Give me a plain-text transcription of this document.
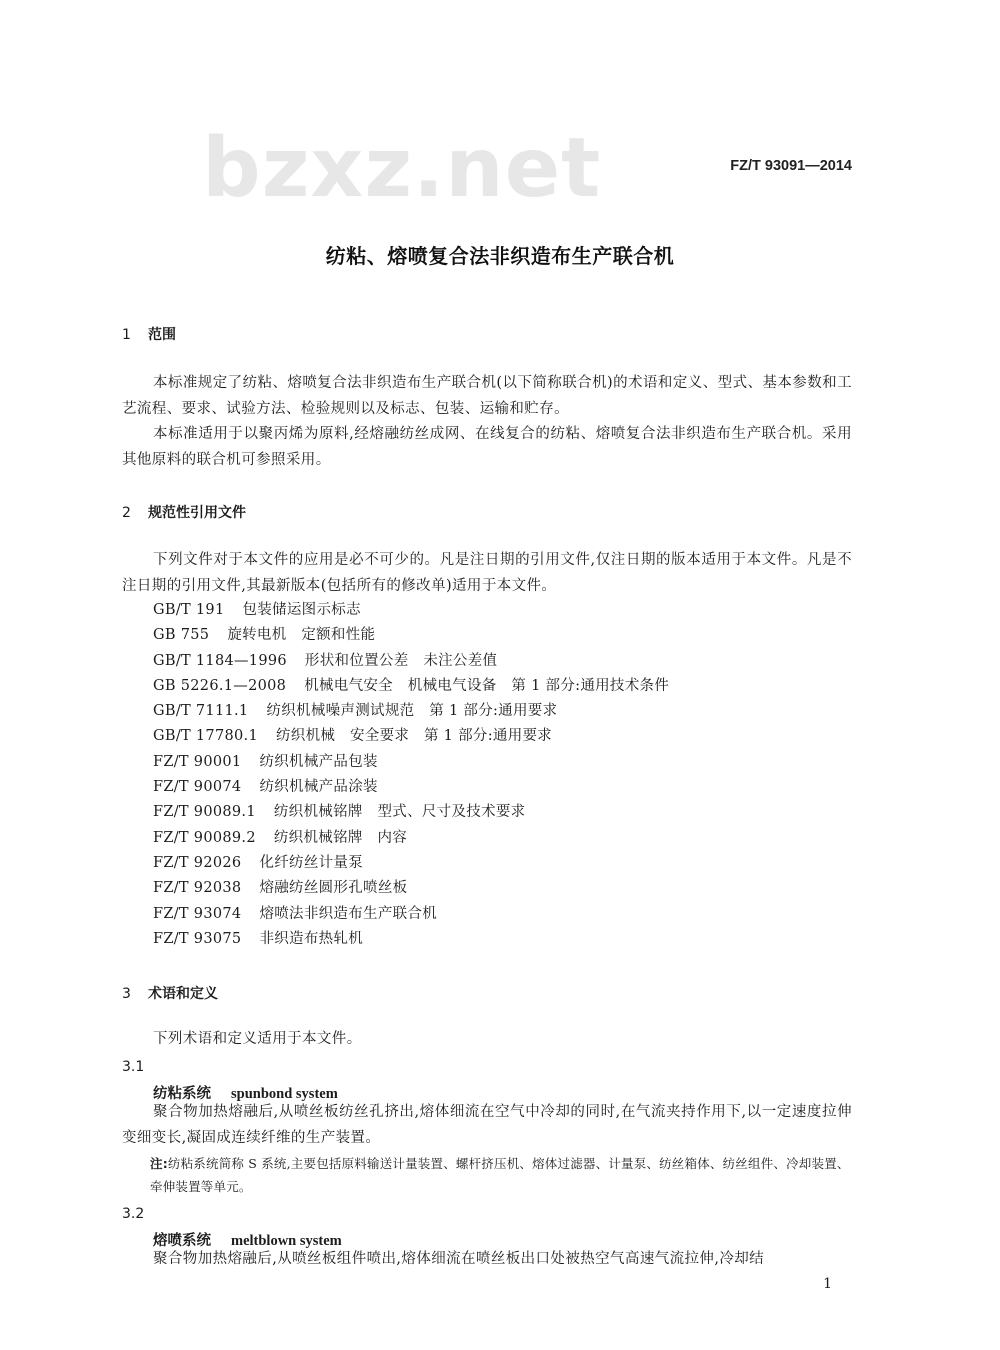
bzxz.net	FZ/T 93091—2014
纺粘、熔喷复合法非织造布生产联合机
1 范围
本标准规定了纺粘、熔喷复合法非织造布生产联合机(以下简称联合机)的术语和定义、型式、基本参数和工艺流程、要求、试验方法、检验规则以及标志、包装、运输和贮存。
本标准适用于以聚丙烯为原料,经熔融纺丝成网、在线复合的纺粘、熔喷复合法非织造布生产联合机。采用其他原料的联合机可参照采用。
2 规范性引用文件
下列文件对于本文件的应用是必不可少的。凡是注日期的引用文件,仅注日期的版本适用于本文件。凡是不注日期的引用文件,其最新版本(包括所有的修改单)适用于本文件。
GB/T 191 包装储运图示标志
GB 755 旋转电机　定额和性能
GB/T 1184—1996 形状和位置公差　未注公差值
GB 5226.1—2008 机械电气安全　机械电气设备　第 1 部分:通用技术条件
GB/T 7111.1 纺织机械噪声测试规范　第 1 部分:通用要求
GB/T 17780.1 纺织机械　安全要求　第 1 部分:通用要求
FZ/T 90001 纺织机械产品包装
FZ/T 90074 纺织机械产品涂装
FZ/T 90089.1 纺织机械铭牌　型式、尺寸及技术要求
FZ/T 90089.2 纺织机械铭牌　内容
FZ/T 92026 化纤纺丝计量泵
FZ/T 92038 熔融纺丝圆形孔喷丝板
FZ/T 93074 熔喷法非织造布生产联合机
FZ/T 93075 非织造布热轧机
3 术语和定义
下列术语和定义适用于本文件。
3.1
纺粘系统 spunbond system
聚合物加热熔融后,从喷丝板纺丝孔挤出,熔体细流在空气中冷却的同时,在气流夹持作用下,以一定速度拉伸变细变长,凝固成连续纤维的生产装置。
注:纺粘系统简称 S 系统,主要包括原料输送计量装置、螺杆挤压机、熔体过滤器、计量泵、纺丝箱体、纺丝组件、冷却装置、牵伸装置等单元。
3.2
熔喷系统 meltblown system
聚合物加热熔融后,从喷丝板组件喷出,熔体细流在喷丝板出口处被热空气高速气流拉伸,冷却结
1
